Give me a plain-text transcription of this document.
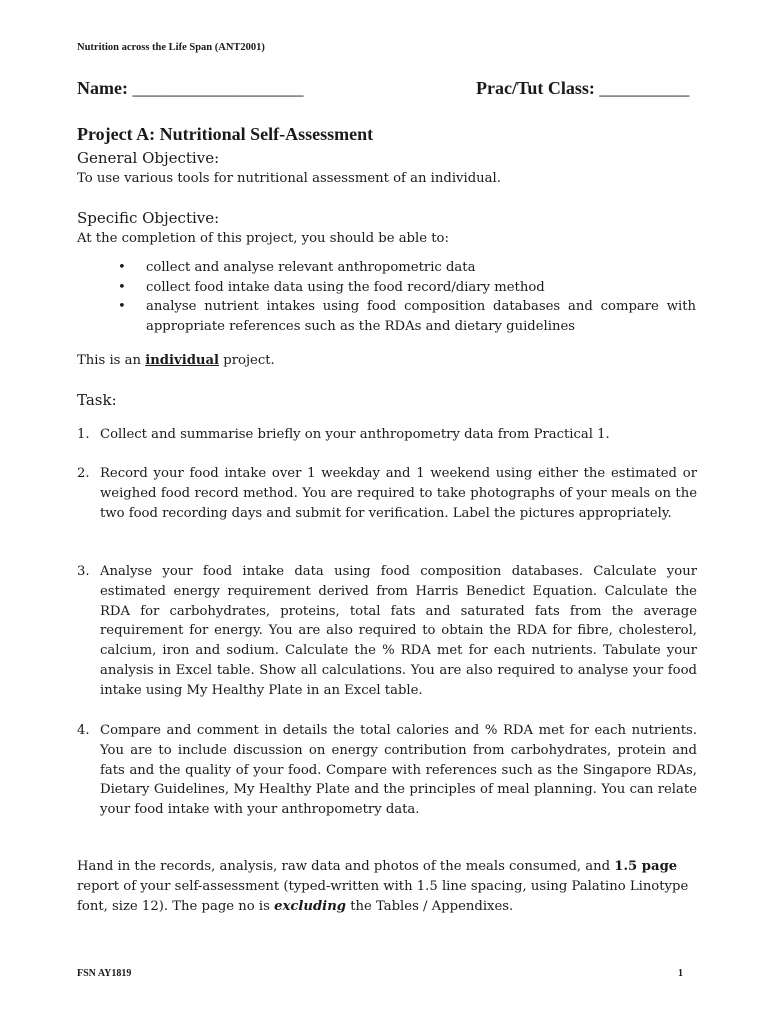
Nutrition across the Life Span (ANT2001)
Name: ___________________	Prac/Tut Class: __________
Project A: Nutritional Self-Assessment
General Objective:
To use various tools for nutritional assessment of an individual.
Specific Objective:
At the completion of this project, you should be able to:
• collect and analyse relevant anthropometric data
• collect food intake data using the food record/diary method
• analyse nutrient intakes using food composition databases and compare with appropriate references such as the RDAs and dietary guidelines
This is an individual project.
Task:
1. Collect and summarise briefly on your anthropometry data from Practical 1.
2. Record your food intake over 1 weekday and 1 weekend using either the estimated or weighed food record method. You are required to take photographs of your meals on the two food recording days and submit for verification. Label the pictures appropriately.
3. Analyse your food intake data using food composition databases. Calculate your estimated energy requirement derived from Harris Benedict Equation. Calculate the RDA for carbohydrates, proteins, total fats and saturated fats from the average requirement for energy. You are also required to obtain the RDA for fibre, cholesterol, calcium, iron and sodium. Calculate the % RDA met for each nutrients. Tabulate your analysis in Excel table. Show all calculations. You are also required to analyse your food intake using My Healthy Plate in an Excel table.
4. Compare and comment in details the total calories and % RDA met for each nutrients. You are to include discussion on energy contribution from carbohydrates, protein and fats and the quality of your food. Compare with references such as the Singapore RDAs, Dietary Guidelines, My Healthy Plate and the principles of meal planning. You can relate your food intake with your anthropometry data.
Hand in the records, analysis, raw data and photos of the meals consumed, and 1.5 page report of your self-assessment (typed-written with 1.5 line spacing, using Palatino Linotype font, size 12). The page no is excluding the Tables / Appendixes.
FSN AY1819	1
